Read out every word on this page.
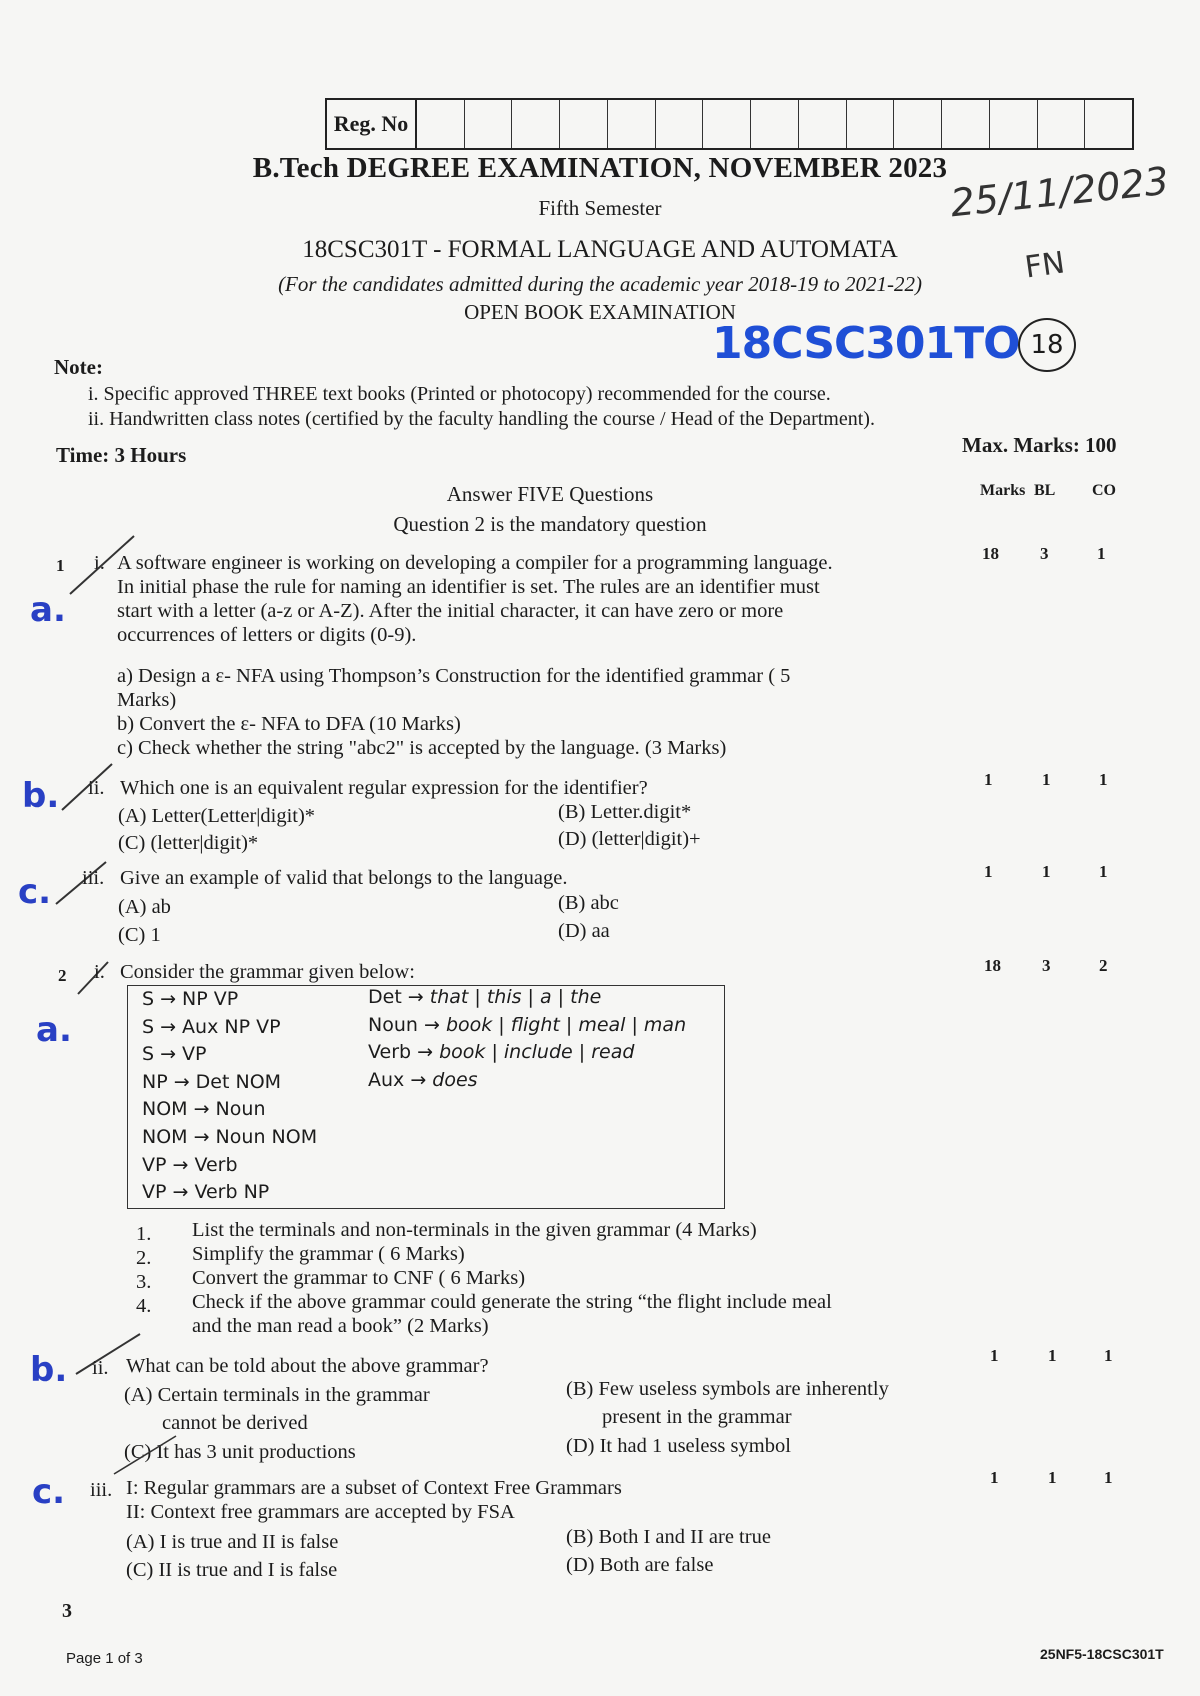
Reg. No
B.Tech DEGREE EXAMINATION, NOVEMBER 2023
Fifth Semester
18CSC301T - FORMAL LANGUAGE AND AUTOMATA
(For the candidates admitted during the academic year 2018-19 to 2021-22)
OPEN BOOK EXAMINATION
25/11/2023
FN
18CSC301TO 18
Note:
i. Specific approved THREE text books (Printed or photocopy) recommended for the course.
ii. Handwritten class notes (certified by the faculty handling the course / Head of the Department).
Time: 3 Hours	Max. Marks: 100
Marks BL CO
Answer FIVE Questions
Question 2 is the mandatory question
1 i.
a.
A software engineer is working on developing a compiler for a programming language.
In initial phase the rule for naming an identifier is set. The rules are an identifier must
start with a letter (a-z or A-Z). After the initial character, it can have zero or more
occurrences of letters or digits (0-9).
a) Design a ε- NFA using Thompson’s Construction for the identified grammar ( 5
Marks)
b) Convert the ε- NFA to DFA (10 Marks)
c) Check whether the string "abc2" is accepted by the language. (3 Marks)
18 3	1
b. ii. Which one is an equivalent regular expression for the identifier?
(A) Letter(Letter|digit)*	(B) Letter.digit*
(C) (letter|digit)*	(D) (letter|digit)+
1	1	1
c. iii. Give an example of valid that belongs to the language.
(A) ab	(B) abc
(C) 1	(D) aa
1	1	1
2 i. Consider the grammar given below:
a.
S → NP VP
S → Aux NP VP
S → VP
NP → Det NOM
NOM → Noun
NOM → Noun NOM
VP → Verb
VP → Verb NP
Det → that | this | a | the
Noun → book | flight | meal | man
Verb → book | include | read
Aux → does
18 3	2
1. List the terminals and non-terminals in the given grammar (4 Marks)
2. Simplify the grammar ( 6 Marks)
3. Convert the grammar to CNF ( 6 Marks)
4. Check if the above grammar could generate the string “the flight include meal
and the man read a book” (2 Marks)
b. ii. What can be told about the above grammar?
(A) Certain terminals in the grammar
cannot be derived
(B) Few useless symbols are inherently
present in the grammar
(C) It has 3 unit productions	(D) It had 1 useless symbol
1	1	1
c. iii. I: Regular grammars are a subset of Context Free Grammars
II: Context free grammars are accepted by FSA
(A) I is true and II is false	(B) Both I and II are true
(C) II is true and I is false	(D) Both are false
1	1	1
3
Page 1 of 3	25NF5-18CSC301T
